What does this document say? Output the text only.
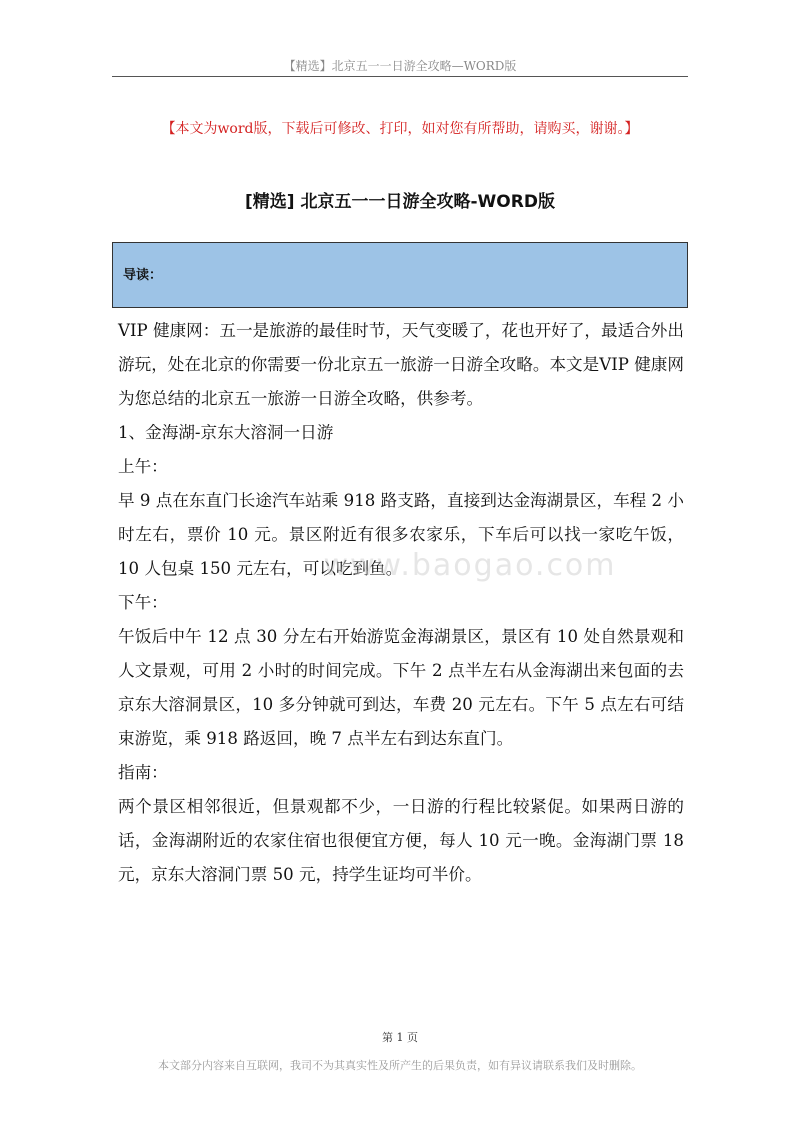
【精选】北京五一一日游全攻略—WORD版
【本文为word版，下载后可修改、打印，如对您有所帮助，请购买，谢谢。】
[精选] 北京五一一日游全攻略-WORD版
导读：

VIP 健康网：五一是旅游的最佳时节，天气变暖了，花也开好了，最适合外出游玩，处在北京的你需要一份北京五一旅游一日游全攻略。本文是VIP 健康网为您总结的北京五一旅游一日游全攻略，供参考。

1、金海湖-京东大溶洞一日游

上午：

早 9 点在东直门长途汽车站乘 918 路支路，直接到达金海湖景区，车程 2 小时左右，票价 10 元。景区附近有很多农家乐，下车后可以找一家吃午饭，10 人包桌 150 元左右，可以吃到鱼。

下午：

午饭后中午 12 点 30 分左右开始游览金海湖景区，景区有 10 处自然景观和人文景观，可用 2 小时的时间完成。下午 2 点半左右从金海湖出来包面的去京东大溶洞景区，10 多分钟就可到达，车费 20 元左右。下午 5 点左右可结束游览，乘 918 路返回，晚 7 点半左右到达东直门。

指南：

两个景区相邻很近，但景观都不少，一日游的行程比较紧促。如果两日游的话，金海湖附近的农家住宿也很便宜方便，每人 10 元一晚。金海湖门票 18 元，京东大溶洞门票 50 元，持学生证均可半价。

www.baogao.com
第 1 页
本文部分内容来自互联网，我司不为其真实性及所产生的后果负责，如有异议请联系我们及时删除。
